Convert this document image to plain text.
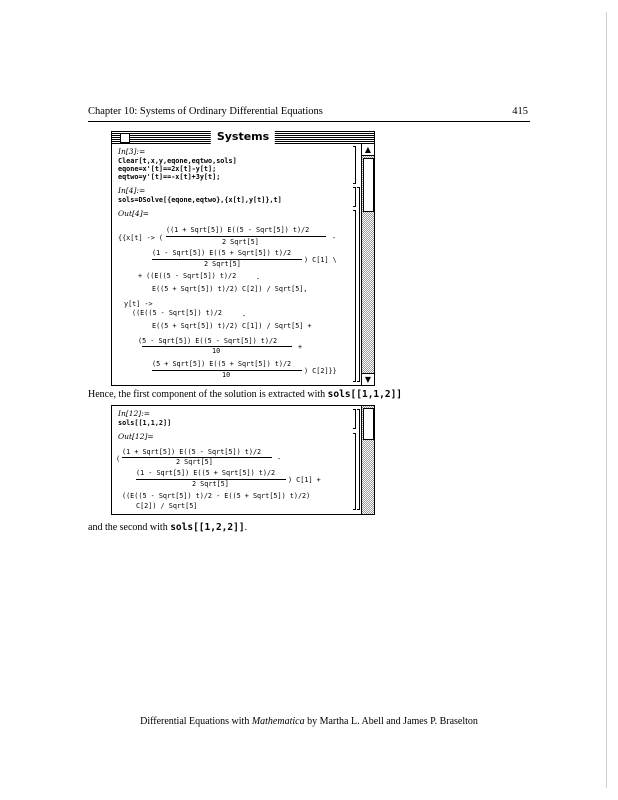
Chapter 10: Systems of Ordinary Differential Equations	415
Systems
▲
▼
In[3]:=
Clear[t,x,y,eqone,eqtwo,sols]
eqone=x'[t]==2x[t]-y[t];
eqtwo=y'[t]==-x[t]+3y[t];
In[4]:=
sols=DSolve[{eqone,eqtwo},{x[t],y[t]},t]
Out[4]=
((1 + Sqrt[5]) E((5 - Sqrt[5]) t)/2
{{x[t] -> (	2 Sqrt[5]	-
(1 - Sqrt[5]) E((5 + Sqrt[5]) t)/2
2 Sqrt[5]	) C[1] \
+ ((E((5 - Sqrt[5]) t)/2	-
E((5 + Sqrt[5]) t)/2) C[2]) / Sqrt[5],
y[t] ->
((E((5 - Sqrt[5]) t)/2	-
E((5 + Sqrt[5]) t)/2) C[1]) / Sqrt[5] +
(5 - Sqrt[5]) E((5 - Sqrt[5]) t)/2
10	+
(5 + Sqrt[5]) E((5 + Sqrt[5]) t)/2
10	) C[2]}}
Hence, the first component of the solution is extracted with sols[[1,1,2]]
In[12]:=
sols[[1,1,2]]
Out[12]=
(1 + Sqrt[5]) E((5 - Sqrt[5]) t)/2
(	2 Sqrt[5]	-
(1 - Sqrt[5]) E((5 + Sqrt[5]) t)/2
2 Sqrt[5]	) C[1] +
((E((5 - Sqrt[5]) t)/2 - E((5 + Sqrt[5]) t)/2)
C[2]) / Sqrt[5]
and the second with sols[[1,2,2]].
Differential Equations with Mathematica by Martha L. Abell and James P. Braselton
